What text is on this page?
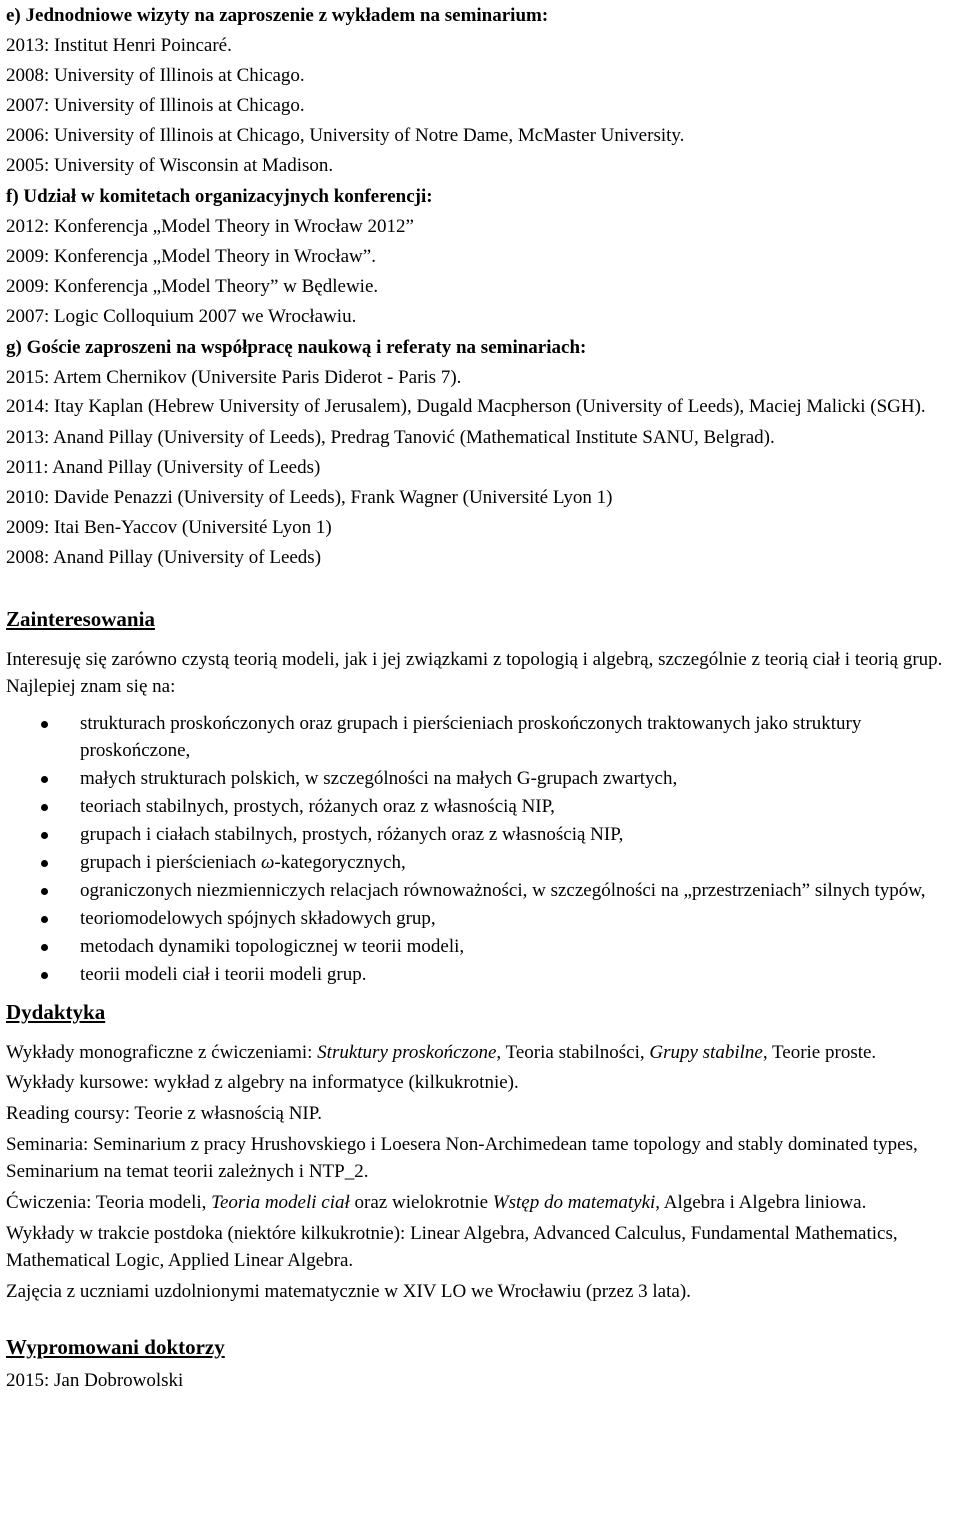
e) Jednodniowe wizyty na zaproszenie z wykładem na seminarium:

2013: Institut Henri Poincaré.

2008: University of Illinois at Chicago.

2007: University of Illinois at Chicago.

2006: University of Illinois at Chicago, University of Notre Dame, McMaster University.

2005: University of Wisconsin at Madison.

f) Udział w komitetach organizacyjnych konferencji:

2012: Konferencja „Model Theory in Wrocław 2012”

2009: Konferencja „Model Theory in Wrocław”.

2009: Konferencja „Model Theory” w Będlewie.

2007: Logic Colloquium 2007 we Wrocławiu.

g) Goście zaproszeni na współpracę naukową i referaty na seminariach:

2015: Artem Chernikov (Universite Paris Diderot - Paris 7).

2014: Itay Kaplan (Hebrew University of Jerusalem), Dugald Macpherson (University of Leeds), Maciej Malicki (SGH).

2013: Anand Pillay (University of Leeds), Predrag Tanović (Mathematical Institute SANU, Belgrad).

2011: Anand Pillay (University of Leeds)

2010: Davide Penazzi (University of Leeds), Frank Wagner (Université Lyon 1)

2009: Itai Ben-Yaccov (Université Lyon 1)

2008: Anand Pillay (University of Leeds)

Zainteresowania

Interesuję się zarówno czystą teorią modeli, jak i jej związkami z topologią i algebrą, szczególnie z teorią ciał i teorią grup. Najlepiej znam się na:

strukturach proskończonych oraz grupach i pierścieniach proskończonych traktowanych jako struktury proskończone,
małych strukturach polskich, w szczególności na małych G-grupach zwartych,
teoriach stabilnych, prostych, różanych oraz z własnością NIP,
grupach i ciałach stabilnych, prostych, różanych oraz z własnością NIP,
grupach i pierścieniach ω-kategorycznych,
ograniczonych niezmienniczych relacjach równoważności, w szczególności na „przestrzeniach” silnych typów,
teoriomodelowych spójnych składowych grup,
metodach dynamiki topologicznej w teorii modeli,
teorii modeli ciał i teorii modeli grup.

Dydaktyka

Wykłady monograficzne z ćwiczeniami: Struktury proskończone, Teoria stabilności, Grupy stabilne, Teorie proste.

Wykłady kursowe: wykład z algebry na informatyce (kilkukrotnie).

Reading coursy: Teorie z własnością NIP.

Seminaria: Seminarium z pracy Hrushovskiego i Loesera Non-Archimedean tame topology and stably dominated types, Seminarium na temat teorii zależnych i NTP_2.

Ćwiczenia: Teoria modeli, Teoria modeli ciał oraz wielokrotnie Wstęp do matematyki, Algebra i Algebra liniowa.

Wykłady w trakcie postdoka (niektóre kilkukrotnie): Linear Algebra, Advanced Calculus, Fundamental Mathematics, Mathematical Logic, Applied Linear Algebra.

Zajęcia z uczniami uzdolnionymi matematycznie w XIV LO we Wrocławiu (przez 3 lata).

Wypromowani doktorzy

2015: Jan Dobrowolski
